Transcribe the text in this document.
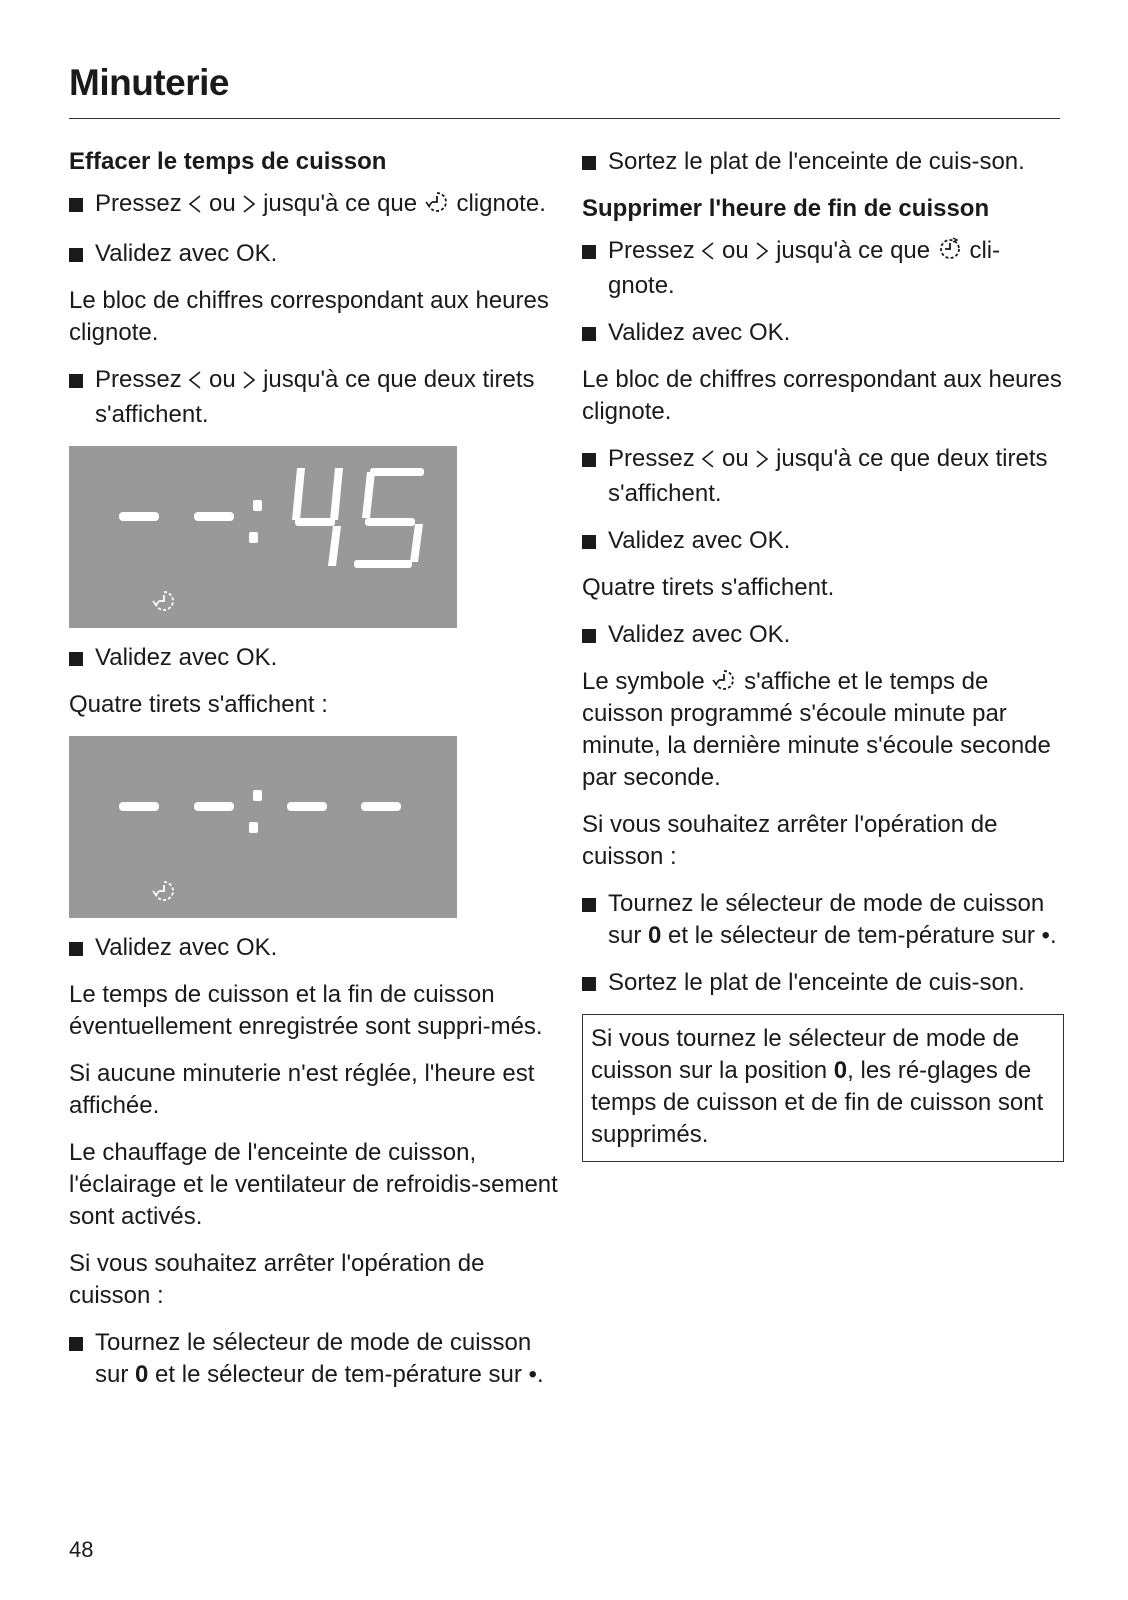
Minuterie
Effacer le temps de cuisson
Pressez ou jusqu'à ce que clignote.
Validez avec OK.

Le bloc de chiffres correspondant aux heures clignote.

Pressez ou jusqu'à ce que deux tirets s'affichent.
Validez avec OK.

Quatre tirets s'affichent :

Validez avec OK.

Le temps de cuisson et la fin de cuisson éventuellement enregistrée sont suppri-més.

Si aucune minuterie n'est réglée, l'heure est affichée.

Le chauffage de l'enceinte de cuisson, l'éclairage et le ventilateur de refroidis-sement sont activés.

Si vous souhaitez arrêter l'opération de cuisson :

Tournez le sélecteur de mode de cuisson sur 0 et le sélecteur de tem-pérature sur •.
Sortez le plat de l'enceinte de cuis-son.
Supprimer l'heure de fin de cuisson
Pressez ou jusqu'à ce que cli-gnote.
Validez avec OK.

Le bloc de chiffres correspondant aux heures clignote.

Pressez ou jusqu'à ce que deux tirets s'affichent.
Validez avec OK.

Quatre tirets s'affichent.

Validez avec OK.

Le symbole s'affiche et le temps de cuisson programmé s'écoule minute par minute, la dernière minute s'écoule seconde par seconde.

Si vous souhaitez arrêter l'opération de cuisson :

Tournez le sélecteur de mode de cuisson sur 0 et le sélecteur de tem-pérature sur •.
Sortez le plat de l'enceinte de cuis-son.

Si vous tournez le sélecteur de mode de cuisson sur la position 0, les ré-glages de temps de cuisson et de fin de cuisson sont supprimés.

48
